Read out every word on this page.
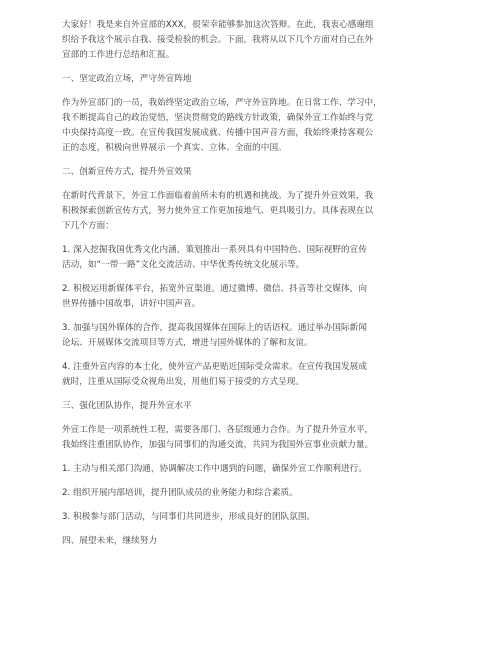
大家好！我是来自外宣部的XXX，很荣幸能够参加这次答辩。在此，我衷心感谢组
织给予我这个展示自我、接受检验的机会。下面，我将从以下几个方面对自己在外
宣部的工作进行总结和汇报。
一、坚定政治立场，严守外宣阵地
作为外宣部门的一员，我始终坚定政治立场，严守外宣阵地。在日常工作、学习中，
我不断提高自己的政治觉悟，坚决贯彻党的路线方针政策，确保外宣工作始终与党
中央保持高度一致。在宣传我国发展成就、传播中国声音方面，我始终秉持客观公
正的态度，积极向世界展示一个真实、立体、全面的中国。
二、创新宣传方式，提升外宣效果
在新时代背景下，外宣工作面临着前所未有的机遇和挑战。为了提升外宣效果，我
积极探索创新宣传方式，努力使外宣工作更加接地气、更具吸引力。具体表现在以
下几个方面：
1. 深入挖掘我国优秀文化内涵，策划推出一系列具有中国特色、国际视野的宣传
活动，如“一带一路”文化交流活动、中华优秀传统文化展示等。
2. 积极运用新媒体平台，拓宽外宣渠道。通过微博、微信、抖音等社交媒体，向
世界传播中国故事，讲好中国声音。
3. 加强与国外媒体的合作，提高我国媒体在国际上的话语权。通过举办国际新闻
论坛、开展媒体交流项目等方式，增进与国外媒体的了解和友谊。
4. 注重外宣内容的本土化，使外宣产品更贴近国际受众需求。在宣传我国发展成
就时，注重从国际受众视角出发，用他们易于接受的方式呈现。
三、强化团队协作，提升外宣水平
外宣工作是一项系统性工程，需要各部门、各层级通力合作。为了提升外宣水平，
我始终注重团队协作，加强与同事们的沟通交流，共同为我国外宣事业贡献力量。
1. 主动与相关部门沟通，协调解决工作中遇到的问题，确保外宣工作顺利进行。
2. 组织开展内部培训，提升团队成员的业务能力和综合素质。
3. 积极参与部门活动，与同事们共同进步，形成良好的团队氛围。
四、展望未来，继续努力
